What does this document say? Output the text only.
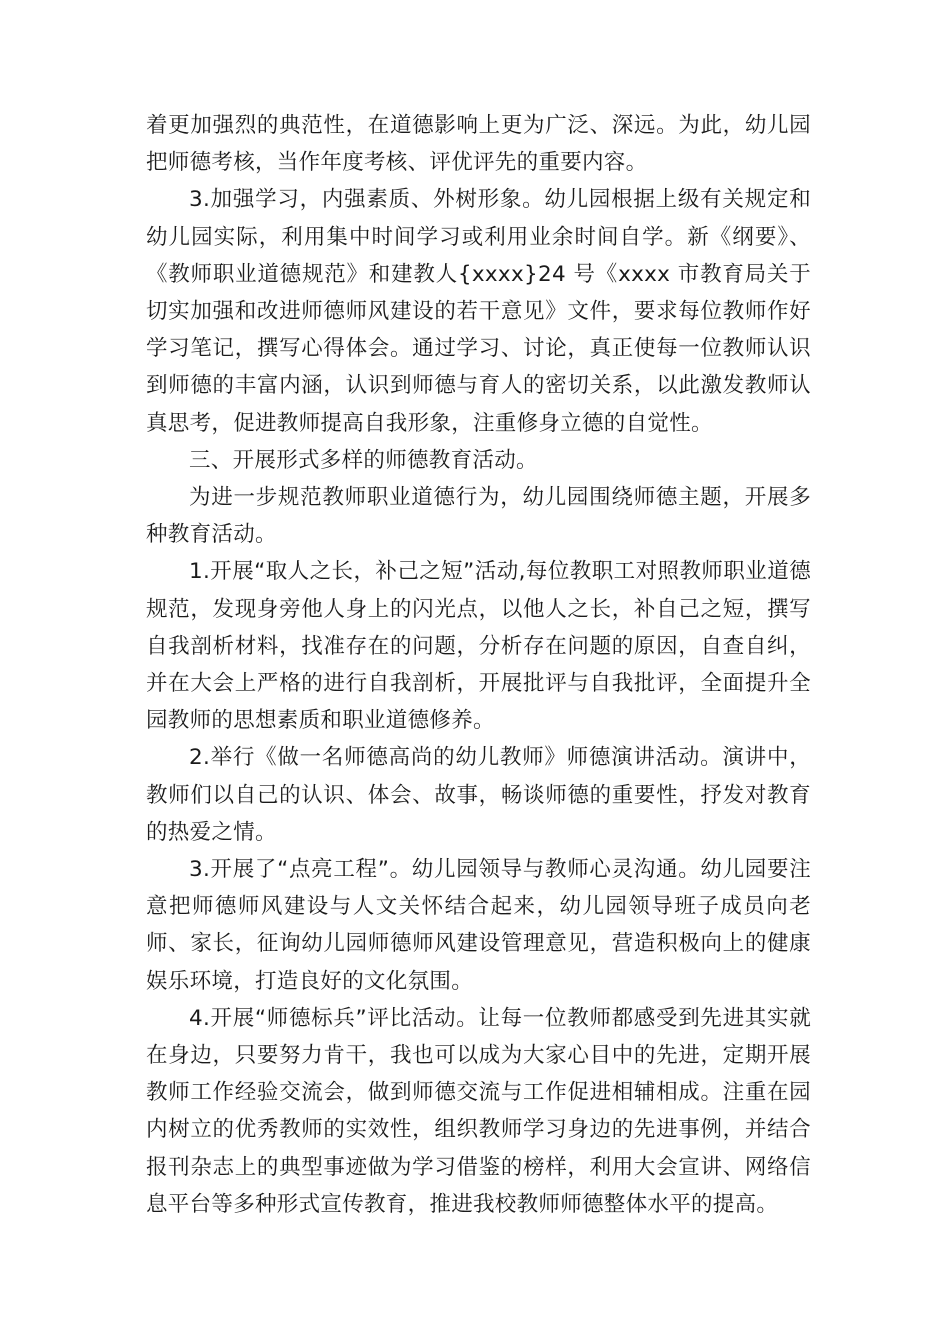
着更加强烈的典范性，在道德影响上更为广泛、深远。为此，幼儿园把师德考核，当作年度考核、评优评先的重要内容。

3.加强学习，内强素质、外树形象。幼儿园根据上级有关规定和幼儿园实际，利用集中时间学习或利用业余时间自学。新《纲要》、《教师职业道德规范》和建教人{xxxx}24 号《xxxx 市教育局关于切实加强和改进师德师风建设的若干意见》文件，要求每位教师作好学习笔记，撰写心得体会。通过学习、讨论，真正使每一位教师认识到师德的丰富内涵，认识到师德与育人的密切关系，以此激发教师认真思考，促进教师提高自我形象，注重修身立德的自觉性。

三、开展形式多样的师德教育活动。

为进一步规范教师职业道德行为，幼儿园围绕师德主题，开展多种教育活动。

1.开展“取人之长，补己之短”活动,每位教职工对照教师职业道德规范，发现身旁他人身上的闪光点，以他人之长，补自己之短，撰写自我剖析材料，找准存在的问题，分析存在问题的原因，自查自纠，并在大会上严格的进行自我剖析，开展批评与自我批评，全面提升全园教师的思想素质和职业道德修养。

2.举行《做一名师德高尚的幼儿教师》师德演讲活动。演讲中，教师们以自己的认识、体会、故事，畅谈师德的重要性，抒发对教育的热爱之情。

3.开展了“点亮工程”。幼儿园领导与教师心灵沟通。幼儿园要注意把师德师风建设与人文关怀结合起来，幼儿园领导班子成员向老师、家长，征询幼儿园师德师风建设管理意见，营造积极向上的健康娱乐环境，打造良好的文化氛围。

4.开展“师德标兵”评比活动。让每一位教师都感受到先进其实就在身边，只要努力肯干，我也可以成为大家心目中的先进，定期开展教师工作经验交流会，做到师德交流与工作促进相辅相成。注重在园内树立的优秀教师的实效性，组织教师学习身边的先进事例，并结合报刊杂志上的典型事迹做为学习借鉴的榜样，利用大会宣讲、网络信息平台等多种形式宣传教育，推进我校教师师德整体水平的提高。
